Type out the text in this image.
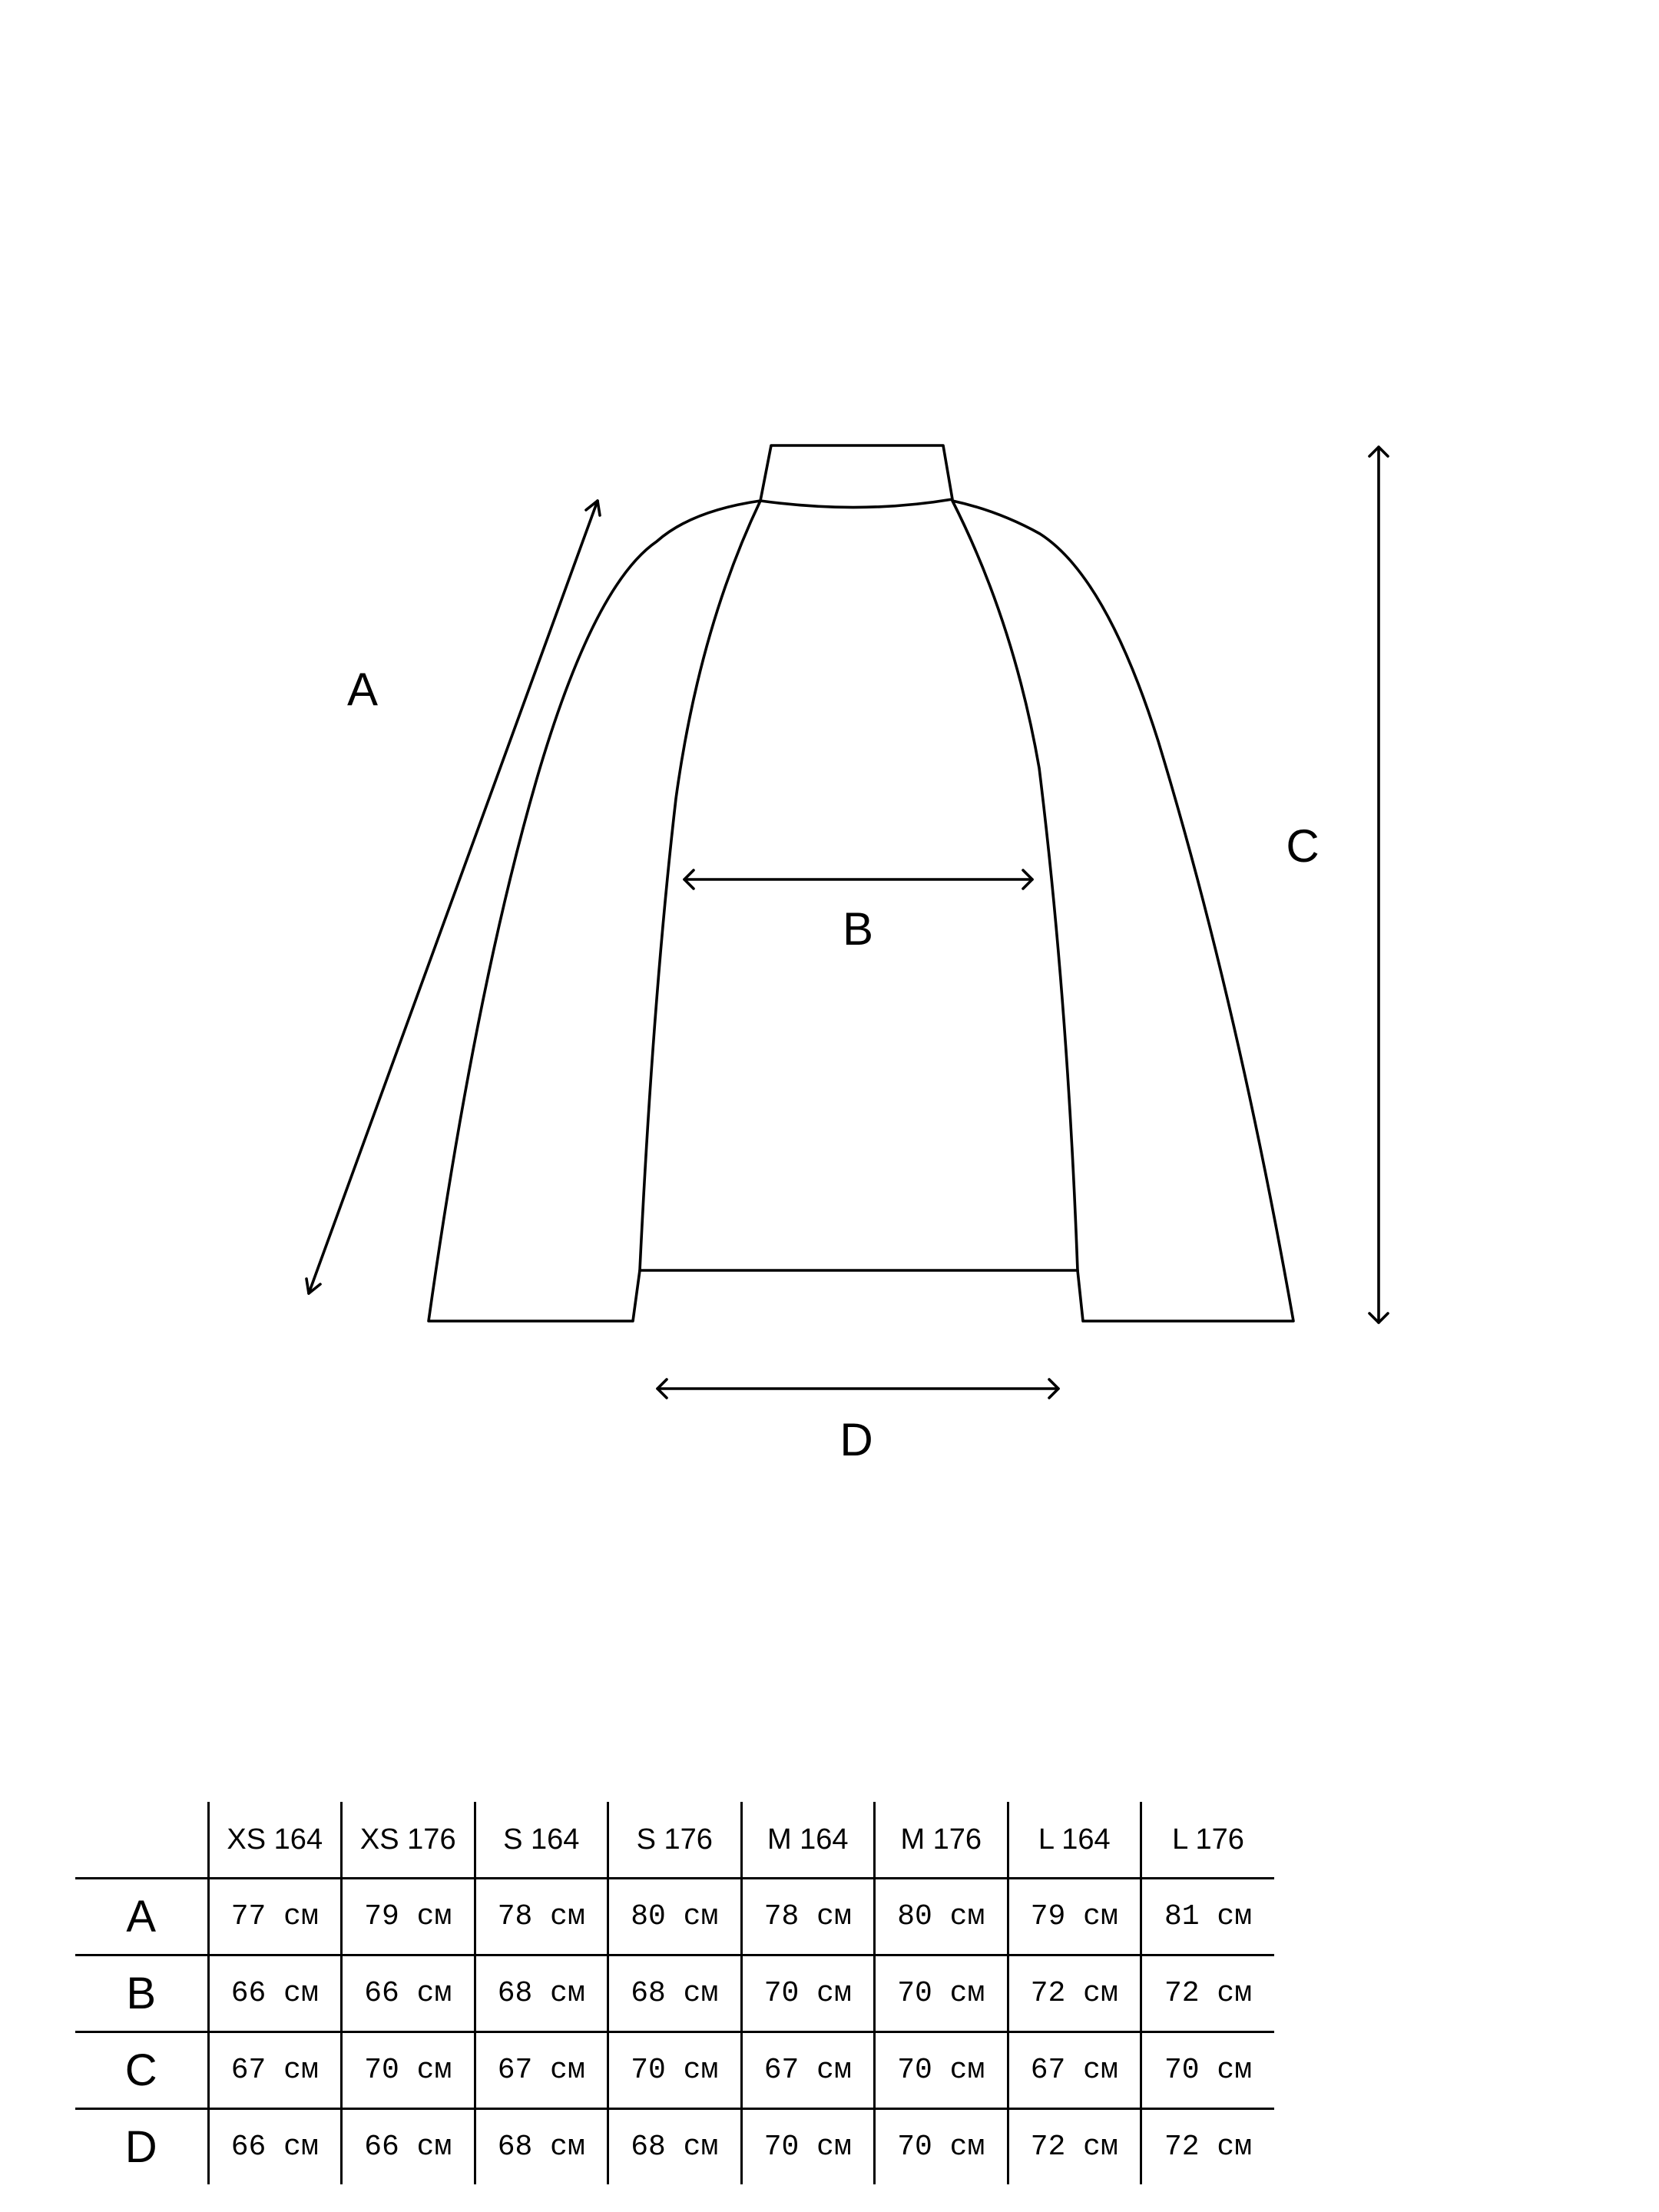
A
B
C
D
	XS 164	XS 176	S 164	S 176	M 164	M 176	L 164	L 176
A	77 см	79 см	78 см	80 см	78 см	80 см	79 см	81 см
B	66 см	66 см	68 см	68 см	70 см	70 см	72 см	72 см
C	67 см	70 см	67 см	70 см	67 см	70 см	67 см	70 см
D	66 см	66 см	68 см	68 см	70 см	70 см	72 см	72 см
